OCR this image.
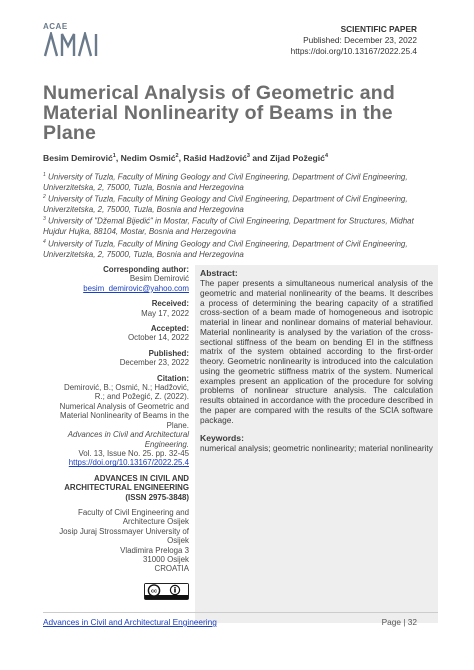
ACAE	SCIENTIFIC PAPER
Published: December 23, 2022
https://doi.org/10.13167/2022.25.4
Numerical Analysis of Geometric and Material Nonlinearity of Beams in the Plane
Besim Demirović$^1$, Nedim Osmić$^2$, Rašid Hadžović$^3$ and Zijad Požegić$^4$
$^1$ University of Tuzla, Faculty of Mining Geology and Civil Engineering, Department of Civil Engineering, Univerzitetska, 2, 75000, Tuzla, Bosnia and Herzegovina
$^2$ University of Tuzla, Faculty of Mining Geology and Civil Engineering, Department of Civil Engineering, Univerzitetska, 2, 75000, Tuzla, Bosnia and Herzegovina
$^3$ University of "Džemal Bijedić" in Mostar, Faculty of Civil Engineering, Department for Structures, Midhat Hujdur Hujka, 88104, Mostar, Bosnia and Herzegovina
$^4$ University of Tuzla, Faculty of Mining Geology and Civil Engineering, Department of Civil Engineering, Univerzitetska, 2, 75000, Tuzla, Bosnia and Herzegovina
Corresponding author:
Besim Demirović
besim_demirovic@yahoo.com
Received:
May 17, 2022
Accepted:
October 14, 2022
Published:
December 23, 2022
Citation:
Demirović, B.; Osmić, N.; Hadžović, R.; and Požegić, Z. (2022).
Numerical Analysis of Geometric and Material Nonlinearity of Beams in the Plane.
Advances in Civil and Architectural Engineering.
Vol. 13, Issue No. 25. pp. 32-45
https://doi.org/10.13167/2022.25.4
ADVANCES IN CIVIL AND ARCHITECTURAL ENGINEERING
(ISSN 2975-3848)
Faculty of Civil Engineering and Architecture Osijek
Josip Juraj Strossmayer University of Osijek
Vladimira Preloga 3
31000 Osijek
CROATIA
cc
Abstract:
The paper presents a simultaneous numerical analysis of the geometric and material nonlinearity of the beams. It describes a process of determining the bearing capacity of a stratified cross-section of a beam made of homogeneous and isotropic material in linear and nonlinear domains of material behaviour. Material nonlinearity is analysed by the variation of the cross-sectional stiffness of the beam on bending EI in the stiffness matrix of the system obtained according to the first-order theory. Geometric nonlinearity is introduced into the calculation using the geometric stiffness matrix of the system. Numerical examples present an application of the procedure for solving problems of nonlinear structure analysis. The calculation results obtained in accordance with the procedure described in the paper are compared with the results of the SCIA software package.
Keywords:
numerical analysis; geometric nonlinearity; material nonlinearity
Advances in Civil and Architectural Engineering	Page | 32
